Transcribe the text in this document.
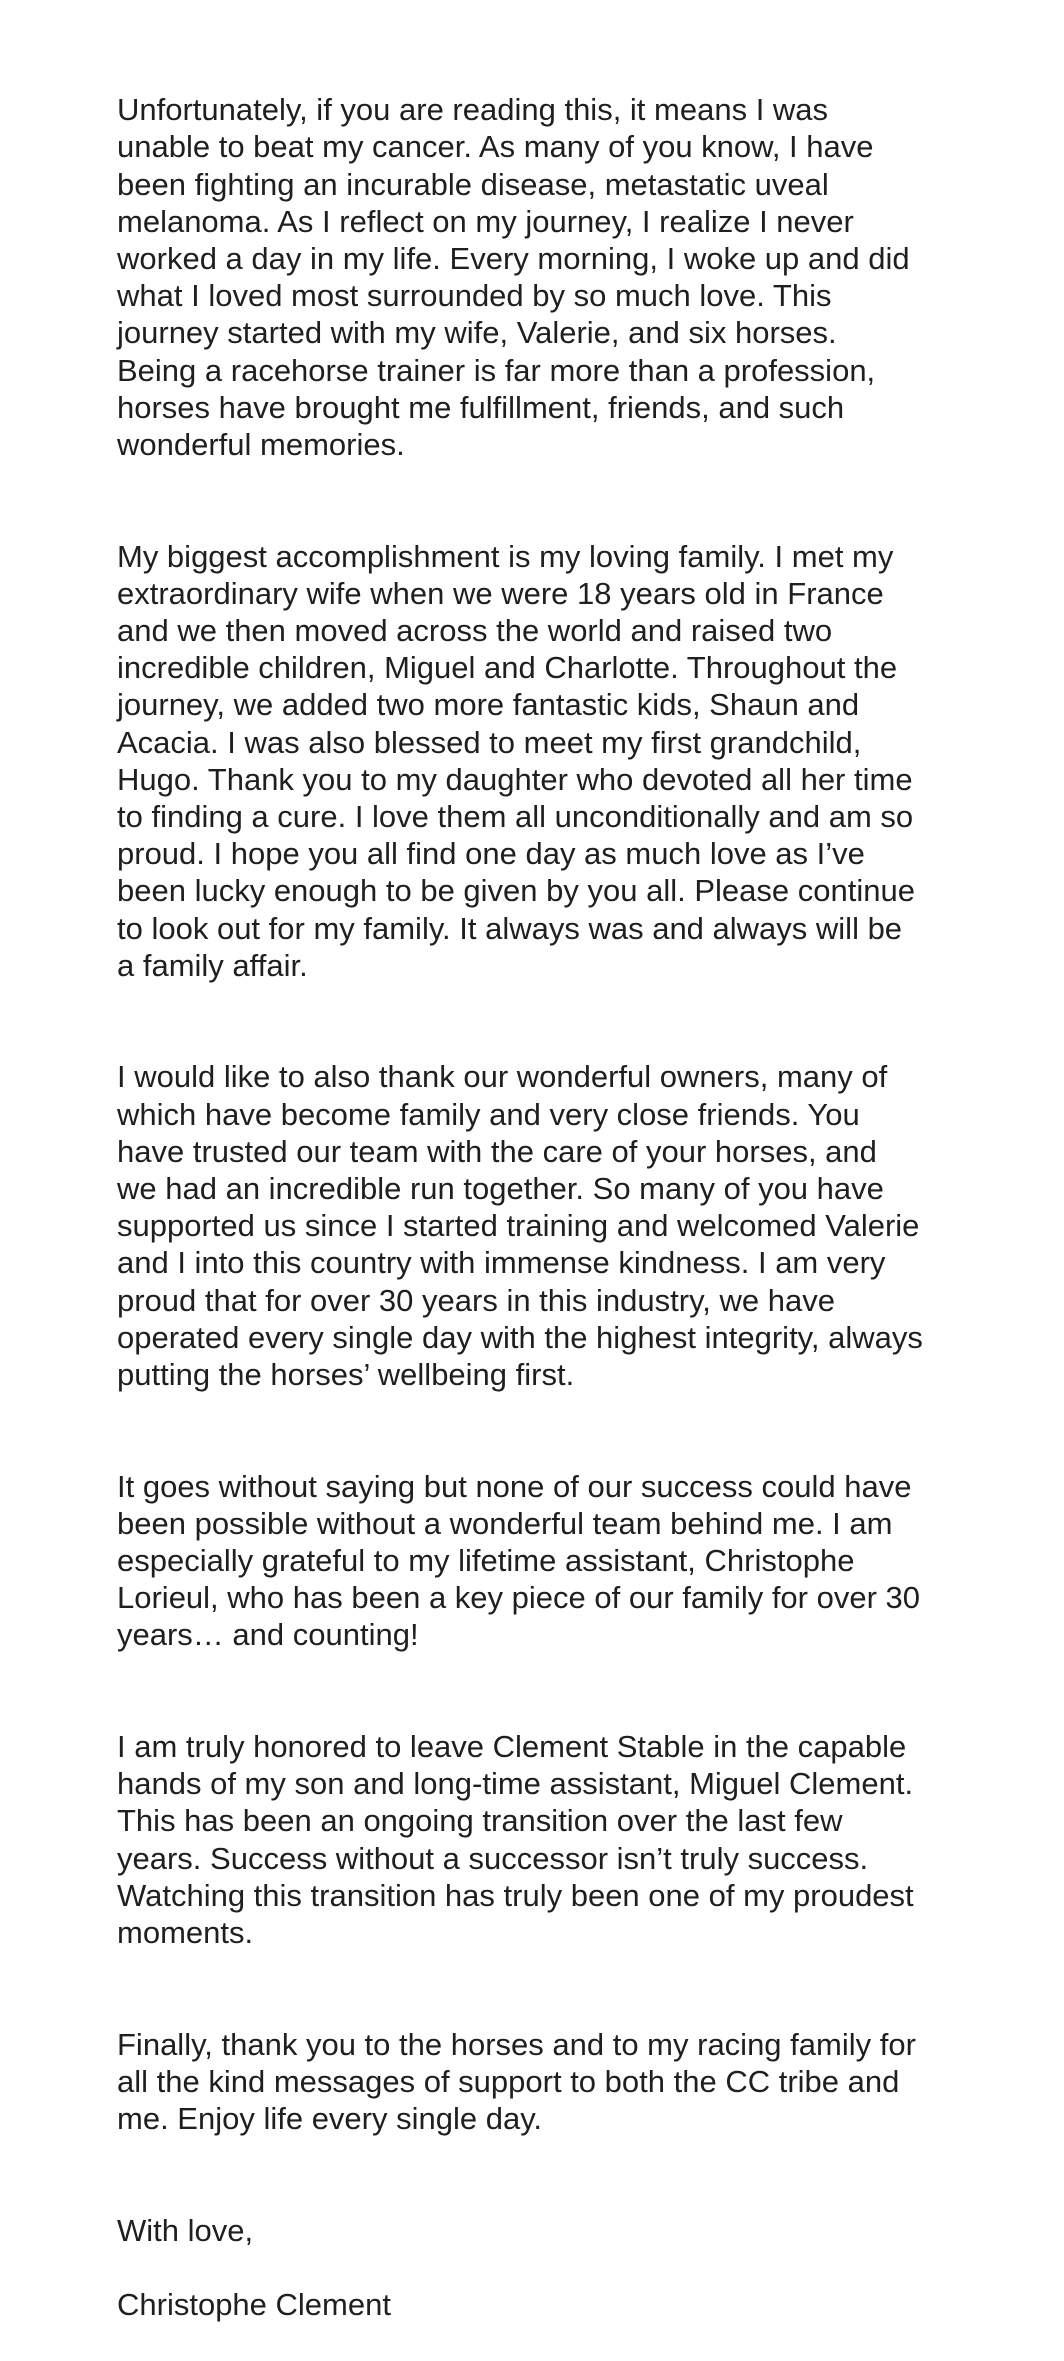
Unfortunately, if you are reading this, it means I was
unable to beat my cancer. As many of you know, I have
been fighting an incurable disease, metastatic uveal
melanoma. As I reflect on my journey, I realize I never
worked a day in my life. Every morning, I woke up and did
what I loved most surrounded by so much love. This
journey started with my wife, Valerie, and six horses.
Being a racehorse trainer is far more than a profession,
horses have brought me fulfillment, friends, and such
wonderful memories.

My biggest accomplishment is my loving family. I met my
extraordinary wife when we were 18 years old in France
and we then moved across the world and raised two
incredible children, Miguel and Charlotte. Throughout the
journey, we added two more fantastic kids, Shaun and
Acacia. I was also blessed to meet my first grandchild,
Hugo. Thank you to my daughter who devoted all her time
to finding a cure. I love them all unconditionally and am so
proud. I hope you all find one day as much love as I’ve
been lucky enough to be given by you all. Please continue
to look out for my family. It always was and always will be
a family affair.

I would like to also thank our wonderful owners, many of
which have become family and very close friends. You
have trusted our team with the care of your horses, and
we had an incredible run together. So many of you have
supported us since I started training and welcomed Valerie
and I into this country with immense kindness. I am very
proud that for over 30 years in this industry, we have
operated every single day with the highest integrity, always
putting the horses’ wellbeing first.

It goes without saying but none of our success could have
been possible without a wonderful team behind me. I am
especially grateful to my lifetime assistant, Christophe
Lorieul, who has been a key piece of our family for over 30
years… and counting!

I am truly honored to leave Clement Stable in the capable
hands of my son and long-time assistant, Miguel Clement.
This has been an ongoing transition over the last few
years. Success without a successor isn’t truly success.
Watching this transition has truly been one of my proudest
moments.

Finally, thank you to the horses and to my racing family for
all the kind messages of support to both the CC tribe and
me. Enjoy life every single day.

With love,

Christophe Clement
